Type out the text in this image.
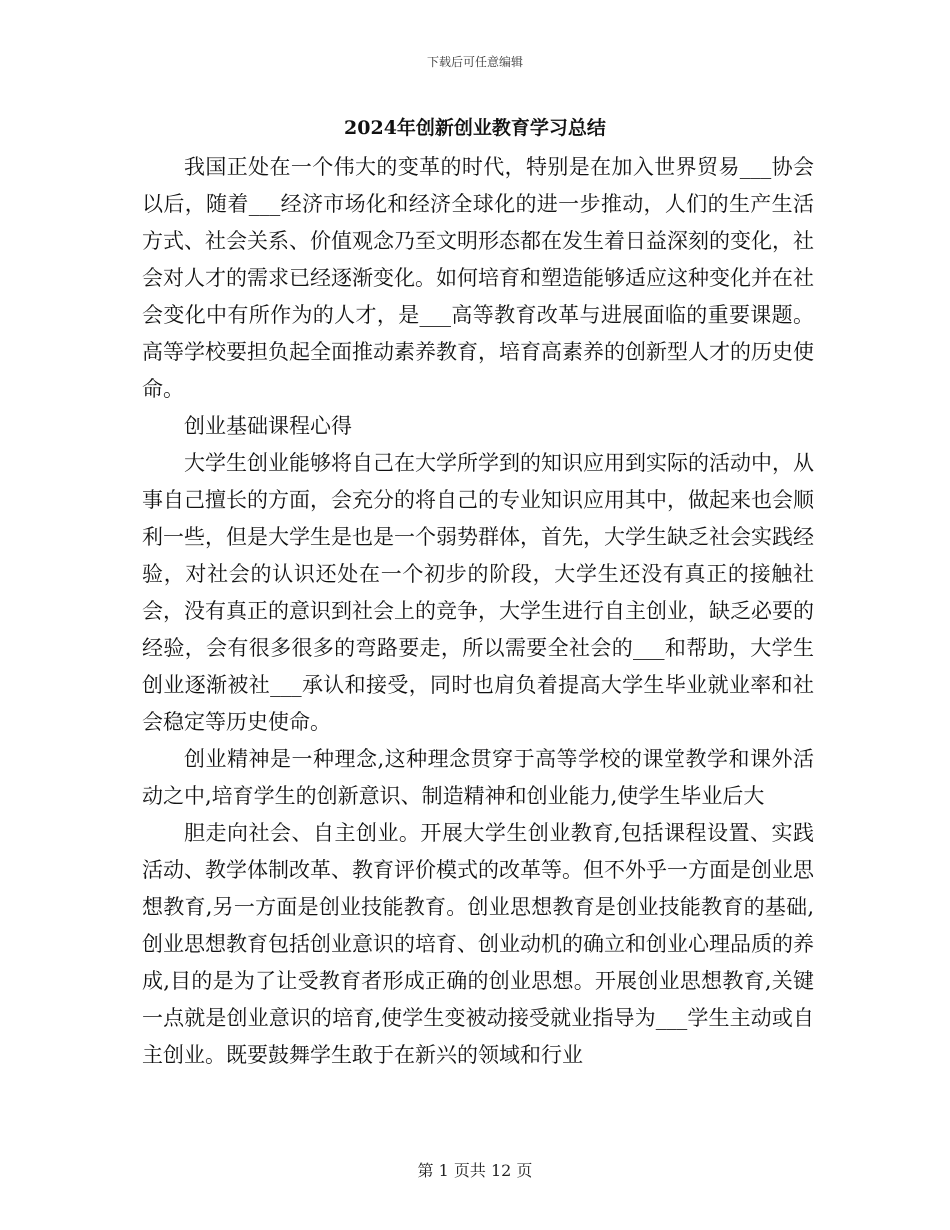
下载后可任意编辑
2024年创新创业教育学习总结

我国正处在一个伟大的变革的时代，特别是在加入世界贸易___协会以后，随着___经济市场化和经济全球化的进一步推动，人们的生产生活方式、社会关系、价值观念乃至文明形态都在发生着日益深刻的变化，社会对人才的需求已经逐渐变化。如何培育和塑造能够适应这种变化并在社会变化中有所作为的人才，是___高等教育改革与进展面临的重要课题。高等学校要担负起全面推动素养教育，培育高素养的创新型人才的历史使命。

创业基础课程心得

大学生创业能够将自己在大学所学到的知识应用到实际的活动中，从事自己擅长的方面，会充分的将自己的专业知识应用其中，做起来也会顺利一些，但是大学生是也是一个弱势群体，首先，大学生缺乏社会实践经验，对社会的认识还处在一个初步的阶段，大学生还没有真正的接触社会，没有真正的意识到社会上的竞争，大学生进行自主创业，缺乏必要的经验，会有很多很多的弯路要走，所以需要全社会的___和帮助，大学生创业逐渐被社___承认和接受，同时也肩负着提高大学生毕业就业率和社会稳定等历史使命。

创业精神是一种理念,这种理念贯穿于高等学校的课堂教学和课外活动之中,培育学生的创新意识、制造精神和创业能力,使学生毕业后大

胆走向社会、自主创业。开展大学生创业教育,包括课程设置、实践活动、教学体制改革、教育评价模式的改革等。但不外乎一方面是创业思想教育,另一方面是创业技能教育。创业思想教育是创业技能教育的基础,创业思想教育包括创业意识的培育、创业动机的确立和创业心理品质的养成,目的是为了让受教育者形成正确的创业思想。开展创业思想教育,关键一点就是创业意识的培育,使学生变被动接受就业指导为___学生主动或自主创业。既要鼓舞学生敢于在新兴的领域和行业

第 1 页共 12 页
